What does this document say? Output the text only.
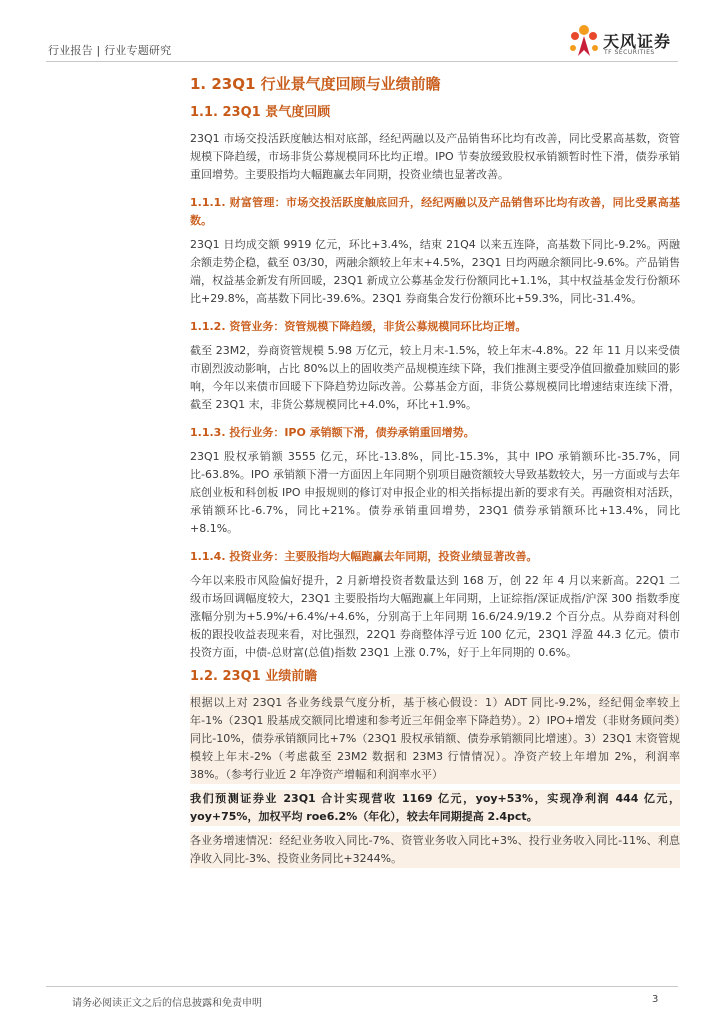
行业报告 | 行业专题研究	天风证券
TF SECURITIES
1. 23Q1 行业景气度回顾与业绩前瞻
1.1. 23Q1 景气度回顾

23Q1 市场交投活跃度触达相对底部，经纪两融以及产品销售环比均有改善，同比受累高基数，资管规模下降趋缓，市场非货公募规模同环比均正增。IPO 节奏放缓致股权承销额暂时性下滑，债券承销重回增势。主要股指均大幅跑赢去年同期，投资业绩也显著改善。

1.1.1. 财富管理：市场交投活跃度触底回升，经纪两融以及产品销售环比均有改善，同比受累高基数。

23Q1 日均成交额 9919 亿元，环比+3.4%，结束 21Q4 以来五连降，高基数下同比-9.2%。两融余额走势企稳，截至 03/30，两融余额较上年末+4.5%，23Q1 日均两融余额同比-9.6%。产品销售端，权益基金新发有所回暖，23Q1 新成立公募基金发行份额同比+1.1%，其中权益基金发行份额环比+29.8%，高基数下同比-39.6%。23Q1 券商集合发行份额环比+59.3%，同比-31.4%。

1.1.2. 资管业务：资管规模下降趋缓，非货公募规模同环比均正增。

截至 23M2，券商资管规模 5.98 万亿元，较上月末-1.5%，较上年末-4.8%。22 年 11 月以来受债市剧烈波动影响，占比 80%以上的固收类产品规模连续下降，我们推测主要受净值回撤叠加赎回的影响，今年以来债市回暖下下降趋势边际改善。公募基金方面，非货公募规模同比增速结束连续下滑，截至 23Q1 末，非货公募规模同比+4.0%，环比+1.9%。

1.1.3. 投行业务：IPO 承销额下滑，债券承销重回增势。

23Q1 股权承销额 3555 亿元，环比-13.8%，同比-15.3%，其中 IPO 承销额环比-35.7%，同比-63.8%。IPO 承销额下滑一方面因上年同期个别项目融资额较大导致基数较大，另一方面或与去年底创业板和科创板 IPO 申报规则的修订对申报企业的相关指标提出新的要求有关。再融资相对活跃，承销额环比-6.7%，同比+21%。债券承销重回增势，23Q1 债券承销额环比+13.4%，同比+8.1%。

1.1.4. 投资业务：主要股指均大幅跑赢去年同期，投资业绩显著改善。

今年以来股市风险偏好提升，2 月新增投资者数量达到 168 万，创 22 年 4 月以来新高。22Q1 二级市场回调幅度较大，23Q1 主要股指均大幅跑赢上年同期，上证综指/深证成指/沪深 300 指数季度涨幅分别为+5.9%/+6.4%/+4.6%，分别高于上年同期 16.6/24.9/19.2 个百分点。从券商对科创板的跟投收益表现来看，对比强烈，22Q1 券商整体浮亏近 100 亿元，23Q1 浮盈 44.3 亿元。债市投资方面，中债-总财富(总值)指数 23Q1 上涨 0.7%，好于上年同期的 0.6%。

1.2. 23Q1 业绩前瞻

根据以上对 23Q1 各业务线景气度分析，基于核心假设：1）ADT 同比-9.2%，经纪佣金率较上年-1%（23Q1 股基成交额同比增速和参考近三年佣金率下降趋势）。2）IPO+增发（非财务顾问类）同比-10%，债券承销额同比+7%（23Q1 股权承销额、债券承销额同比增速）。3）23Q1 末资管规模较上年末-2%（考虑截至 23M2 数据和 23M3 行情情况）。净资产较上年增加 2%，利润率 38%。（参考行业近 2 年净资产增幅和利润率水平）

我们预测证券业 23Q1 合计实现营收 1169 亿元，yoy+53%，实现净利润 444 亿元，yoy+75%，加权平均 roe6.2%（年化），较去年同期提高 2.4pct。

各业务增速情况：经纪业务收入同比-7%、资管业务收入同比+3%、投行业务收入同比-11%、利息净收入同比-3%、投资业务同比+3244%。

请务必阅读正文之后的信息披露和免责申明	3
